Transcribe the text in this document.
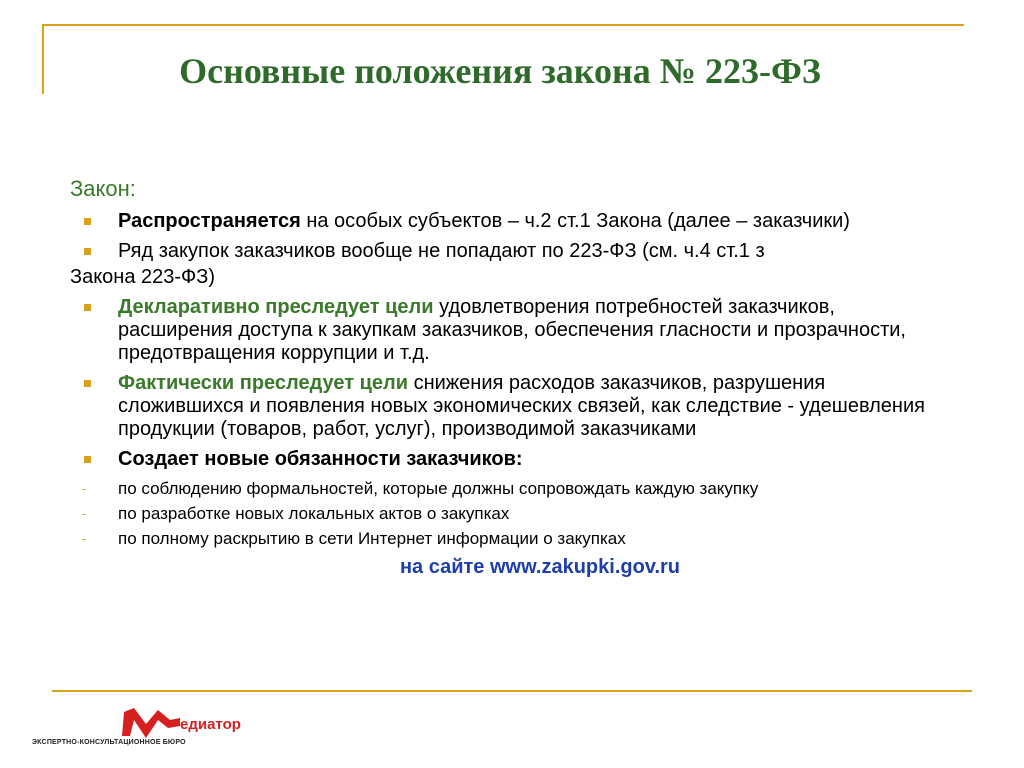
Основные положения закона № 223-ФЗ
Закон:
Распространяется на особых субъектов – ч.2 ст.1 Закона (далее – заказчики)
Ряд закупок заказчиков вообще не попадают по 223-ФЗ (см. ч.4 ст.1 з
Закона 223-ФЗ)
Декларативно преследует цели удовлетворения потребностей заказчиков, расширения доступа к закупкам заказчиков, обеспечения гласности и прозрачности, предотвращения коррупции и т.д.
Фактически преследует цели снижения расходов заказчиков, разрушения сложившихся и появления новых экономических связей, как следствие - удешевления продукции (товаров, работ, услуг), производимой заказчиками
Создает новые обязанности заказчиков:
- по соблюдению формальностей, которые должны сопровождать каждую закупку
- по разработке новых локальных актов о закупках
- по полному раскрытию в сети Интернет информации о закупках
на сайте www.zakupki.gov.ru
едиатор
ЭКСПЕРТНО-КОНСУЛЬТАЦИОННОЕ БЮРО
